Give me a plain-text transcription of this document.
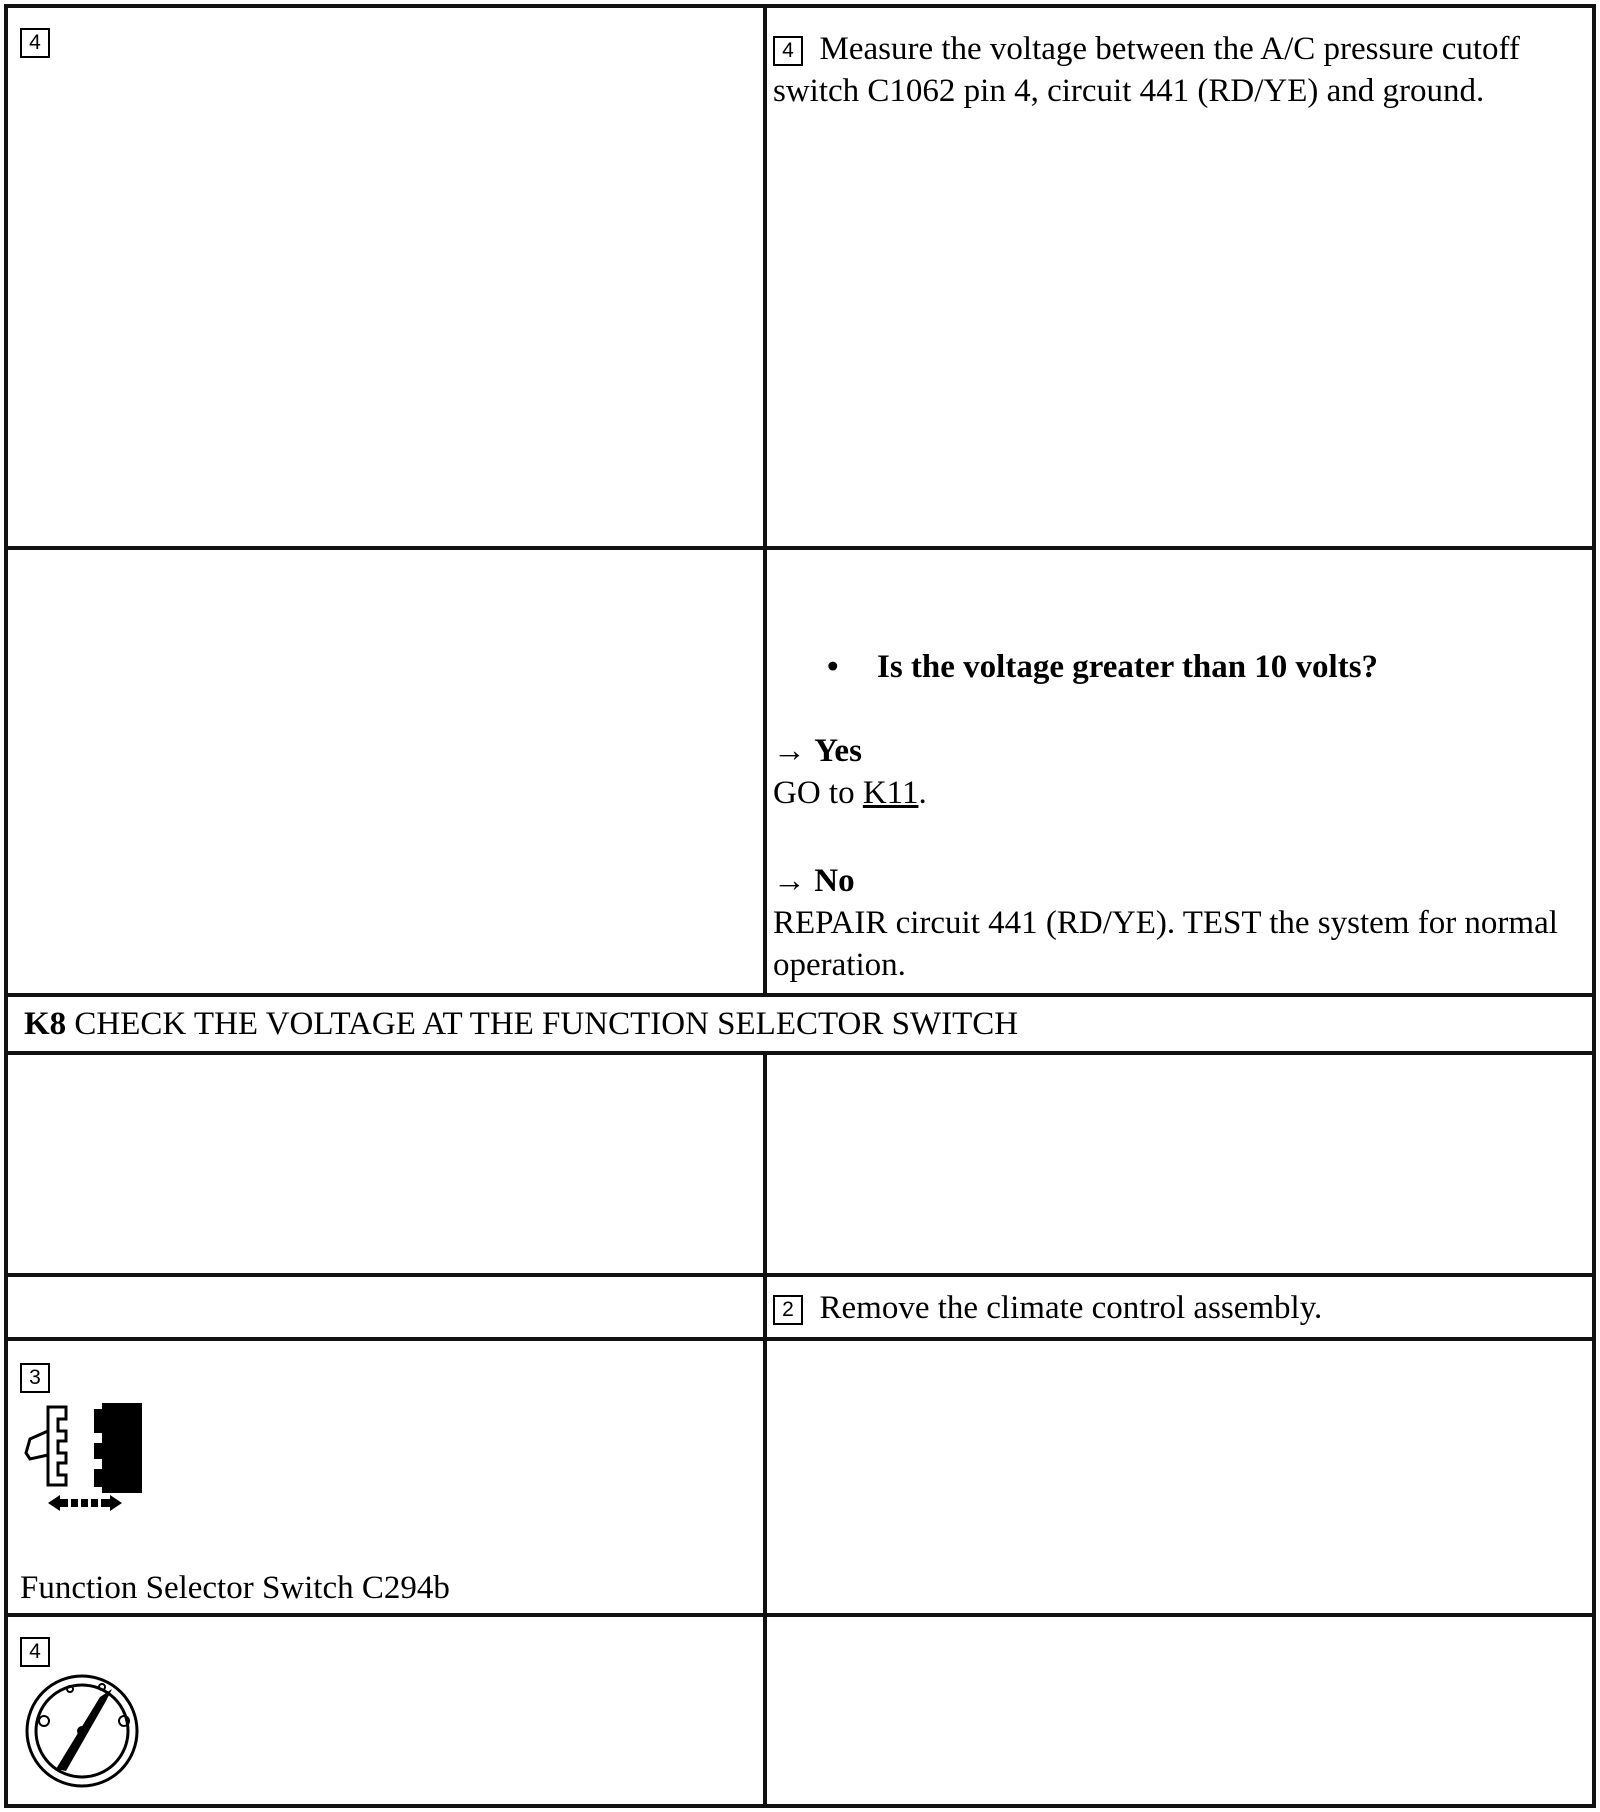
4	4 Measure the voltage between the A/C pressure cutoff switch C1062 pin 4, circuit 441 (RD/YE) and ground.
• Is the voltage greater than 10 volts?
→ Yes
GO to K11.
→ No
REPAIR circuit 441 (RD/YE). TEST the system for normal operation.
K8 CHECK THE VOLTAGE AT THE FUNCTION SELECTOR SWITCH
2 Remove the climate control assembly.
3
Function Selector Switch C294b
4
